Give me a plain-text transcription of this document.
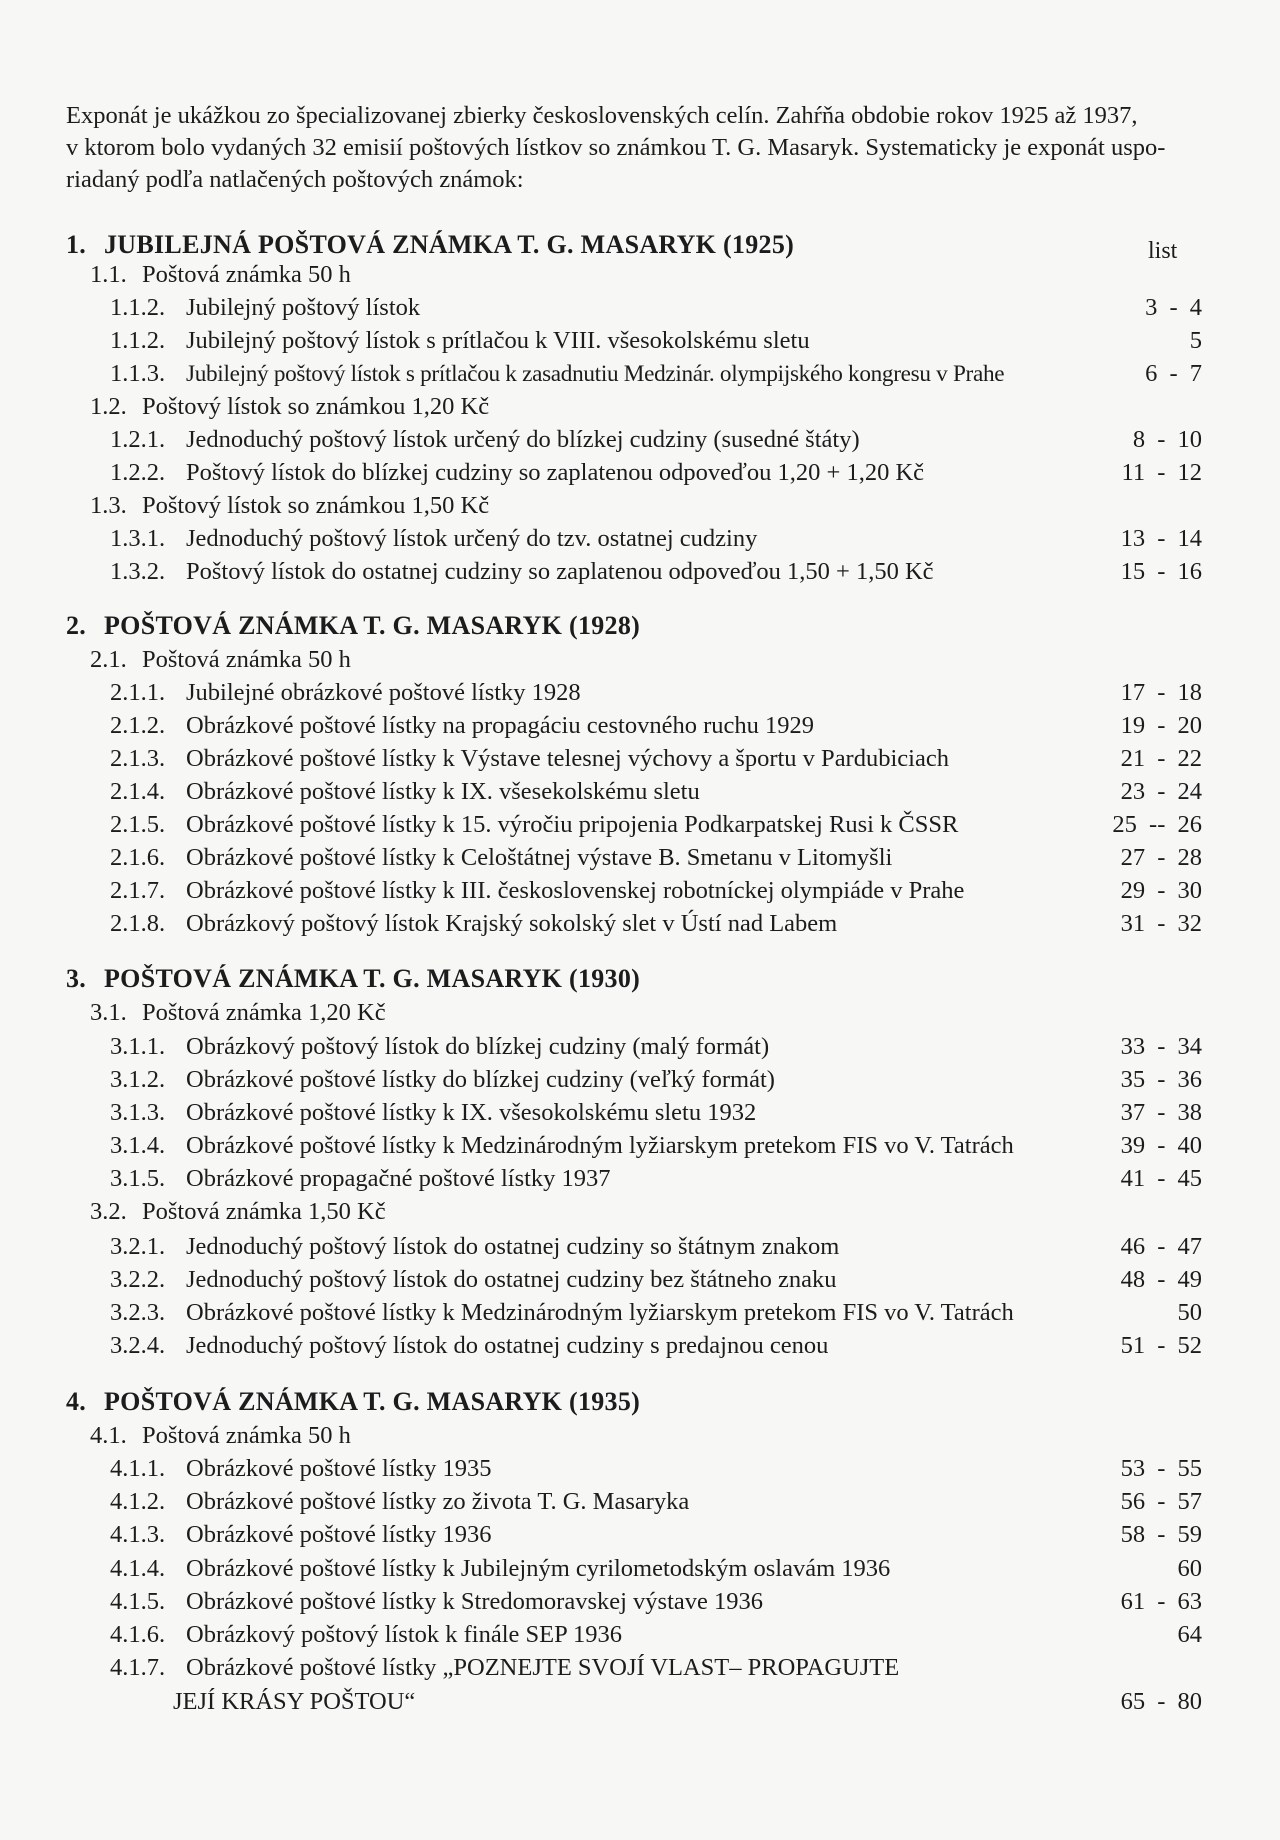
Exponát je ukážkou zo špecializovanej zbierky československých celín. Zahŕňa obdobie rokov 1925 až 1937,
v ktorom bolo vydaných 32 emisií poštových lístkov so známkou T. G. Masaryk. Systematicky je exponát uspo-
riadaný podľa natlačených poštových známok:
list
1. JUBILEJNÁ POŠTOVÁ ZNÁMKA T. G. MASARYK (1925)
1.1. Poštová známka 50 h
1.1.2. Jubilejný poštový lístok	3 - 4
1.1.2. Jubilejný poštový lístok s prítlačou k VIII. všesokolskému sletu	5
1.1.3. Jubilejný poštový lístok s prítlačou k zasadnutiu Medzinár. olympijského kongresu v Prahe	6 - 7
1.2. Poštový lístok so známkou 1,20 Kč
1.2.1. Jednoduchý poštový lístok určený do blízkej cudziny (susedné štáty)	8 - 10
1.2.2. Poštový lístok do blízkej cudziny so zaplatenou odpoveďou 1,20 + 1,20 Kč	11 - 12
1.3. Poštový lístok so známkou 1,50 Kč
1.3.1. Jednoduchý poštový lístok určený do tzv. ostatnej cudziny	13 - 14
1.3.2. Poštový lístok do ostatnej cudziny so zaplatenou odpoveďou 1,50 + 1,50 Kč	15 - 16
2. POŠTOVÁ ZNÁMKA T. G. MASARYK (1928)
2.1. Poštová známka 50 h
2.1.1. Jubilejné obrázkové poštové lístky 1928	17 - 18
2.1.2. Obrázkové poštové lístky na propagáciu cestovného ruchu 1929	19 - 20
2.1.3. Obrázkové poštové lístky k Výstave telesnej výchovy a športu v Pardubiciach	21 - 22
2.1.4. Obrázkové poštové lístky k IX. všesekolskému sletu	23 - 24
2.1.5. Obrázkové poštové lístky k 15. výročiu pripojenia Podkarpatskej Rusi k ČSSR	25 -- 26
2.1.6. Obrázkové poštové lístky k Celoštátnej výstave B. Smetanu v Litomyšli	27 - 28
2.1.7. Obrázkové poštové lístky k III. československej robotníckej olympiáde v Prahe	29 - 30
2.1.8. Obrázkový poštový lístok Krajský sokolský slet v Ústí nad Labem	31 - 32
3. POŠTOVÁ ZNÁMKA T. G. MASARYK (1930)
3.1. Poštová známka 1,20 Kč
3.1.1. Obrázkový poštový lístok do blízkej cudziny (malý formát)	33 - 34
3.1.2. Obrázkové poštové lístky do blízkej cudziny (veľký formát)	35 - 36
3.1.3. Obrázkové poštové lístky k IX. všesokolskému sletu 1932	37 - 38
3.1.4. Obrázkové poštové lístky k Medzinárodným lyžiarskym pretekom FIS vo V. Tatrách	39 - 40
3.1.5. Obrázkové propagačné poštové lístky 1937	41 - 45
3.2. Poštová známka 1,50 Kč
3.2.1. Jednoduchý poštový lístok do ostatnej cudziny so štátnym znakom	46 - 47
3.2.2. Jednoduchý poštový lístok do ostatnej cudziny bez štátneho znaku	48 - 49
3.2.3. Obrázkové poštové lístky k Medzinárodným lyžiarskym pretekom FIS vo V. Tatrách	50
3.2.4. Jednoduchý poštový lístok do ostatnej cudziny s predajnou cenou	51 - 52
4. POŠTOVÁ ZNÁMKA T. G. MASARYK (1935)
4.1. Poštová známka 50 h
4.1.1. Obrázkové poštové lístky 1935	53 - 55
4.1.2. Obrázkové poštové lístky zo života T. G. Masaryka	56 - 57
4.1.3. Obrázkové poštové lístky 1936	58 - 59
4.1.4. Obrázkové poštové lístky k Jubilejným cyrilometodským oslavám 1936	60
4.1.5. Obrázkové poštové lístky k Stredomoravskej výstave 1936	61 - 63
4.1.6. Obrázkový poštový lístok k finále SEP 1936	64
4.1.7. Obrázkové poštové lístky „POZNEJTE SVOJÍ VLAST– PROPAGUJTE
JEJÍ KRÁSY POŠTOU“	65 - 80
